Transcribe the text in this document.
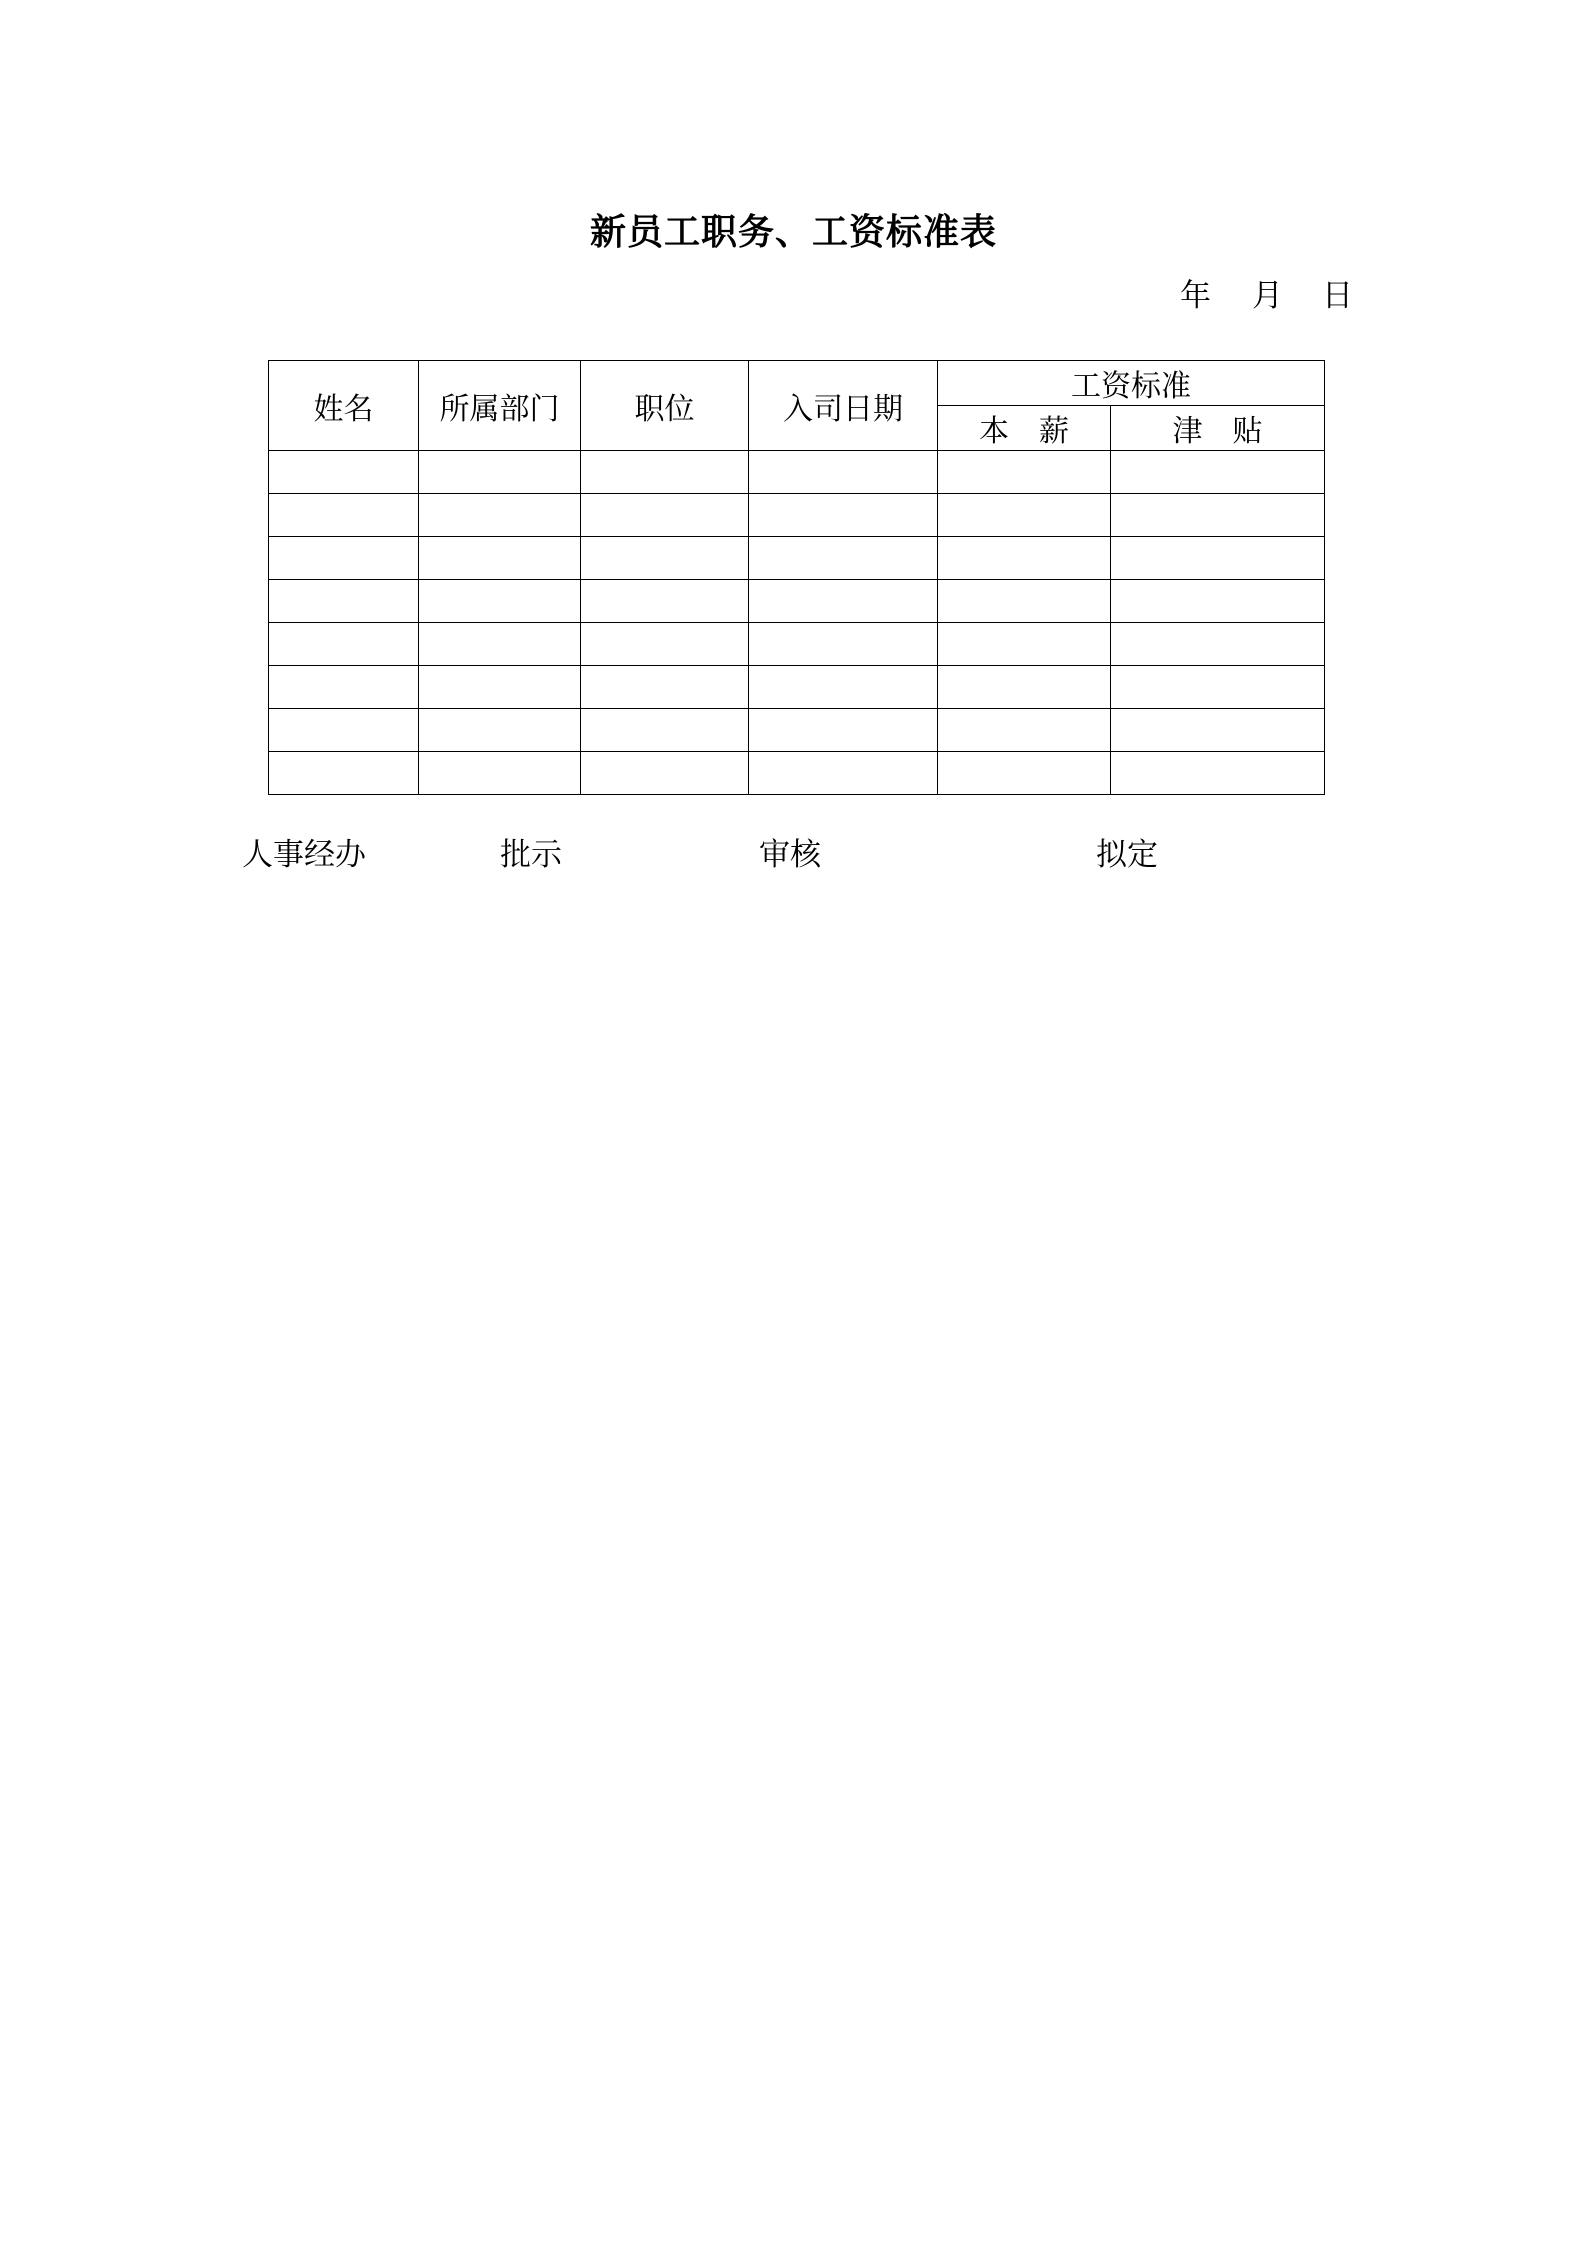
新员工职务、工资标准表
年 月 日
姓名	所属部门	职位	入司日期	工资标准	
				本　薪	津　贴

人事经办	批示	审核	拟定
